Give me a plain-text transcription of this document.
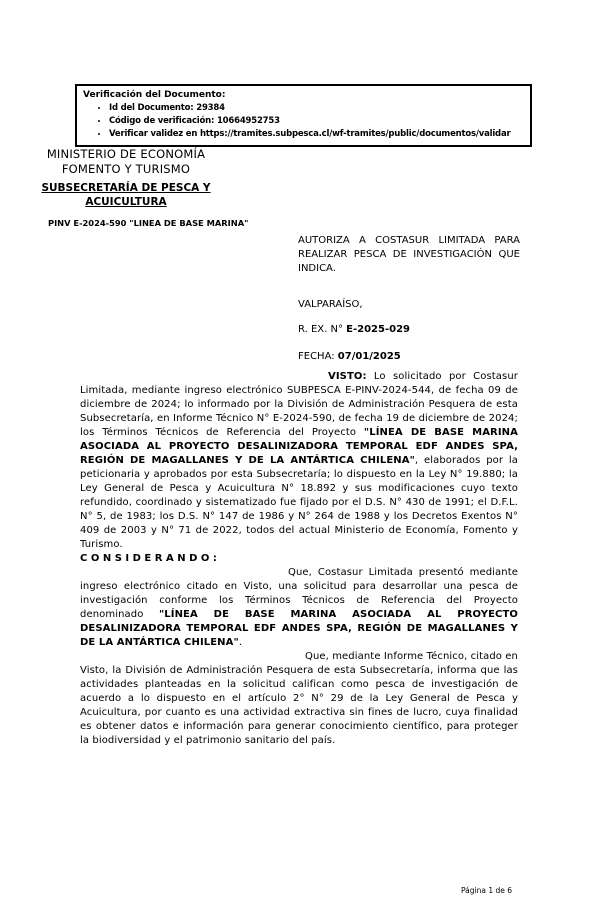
Verificación del Documento:
• Id del Documento: 29384
• Código de verificación: 10664952753
• Verificar validez en https://tramites.subpesca.cl/wf-tramites/public/documentos/validar
MINISTERIO DE ECONOMÍA
FOMENTO Y TURISMO
SUBSECRETARÍA DE PESCA Y ACUICULTURA
PINV E-2024-590 "LINEA DE BASE MARINA"
AUTORIZA A COSTASUR LIMITADA PARA REALIZAR PESCA DE INVESTIGACIÓN QUE INDICA.
VALPARAÍSO,
R. EX. N° E-2025-029
FECHA: 07/01/2025

VISTO: Lo solicitado por Costasur Limitada, mediante ingreso electrónico SUBPESCA E-PINV-2024-544, de fecha 09 de diciembre de 2024; lo informado por la División de Administración Pesquera de esta Subsecretaría, en Informe Técnico N° E-2024-590, de fecha 19 de diciembre de 2024; los Términos Técnicos de Referencia del Proyecto "LÍNEA DE BASE MARINA ASOCIADA AL PROYECTO DESALINIZADORA TEMPORAL EDF ANDES SPA, REGIÓN DE MAGALLANES Y DE LA ANTÁRTICA CHILENA", elaborados por la peticionaria y aprobados por esta Subsecretaría; lo dispuesto en la Ley N° 19.880; la Ley General de Pesca y Acuicultura N° 18.892 y sus modificaciones cuyo texto refundido, coordinado y sistematizado fue fijado por el D.S. N° 430 de 1991; el D.F.L. N° 5, de 1983; los D.S. N° 147 de 1986 y N° 264 de 1988 y los Decretos Exentos N° 409 de 2003 y N° 71 de 2022, todos del actual Ministerio de Economía, Fomento y Turismo.

CONSIDERANDO:

Que, Costasur Limitada presentó mediante ingreso electrónico citado en Visto, una solicitud para desarrollar una pesca de investigación conforme los Términos Técnicos de Referencia del Proyecto denominado "LÍNEA DE BASE MARINA ASOCIADA AL PROYECTO DESALINIZADORA TEMPORAL EDF ANDES SPA, REGIÓN DE MAGALLANES Y DE LA ANTÁRTICA CHILENA".

Que, mediante Informe Técnico, citado en Visto, la División de Administración Pesquera de esta Subsecretaría, informa que las actividades planteadas en la solicitud califican como pesca de investigación de acuerdo a lo dispuesto en el artículo 2° N° 29 de la Ley General de Pesca y Acuicultura, por cuanto es una actividad extractiva sin fines de lucro, cuya finalidad es obtener datos e información para generar conocimiento científico, para proteger la biodiversidad y el patrimonio sanitario del país.

Página 1 de 6
